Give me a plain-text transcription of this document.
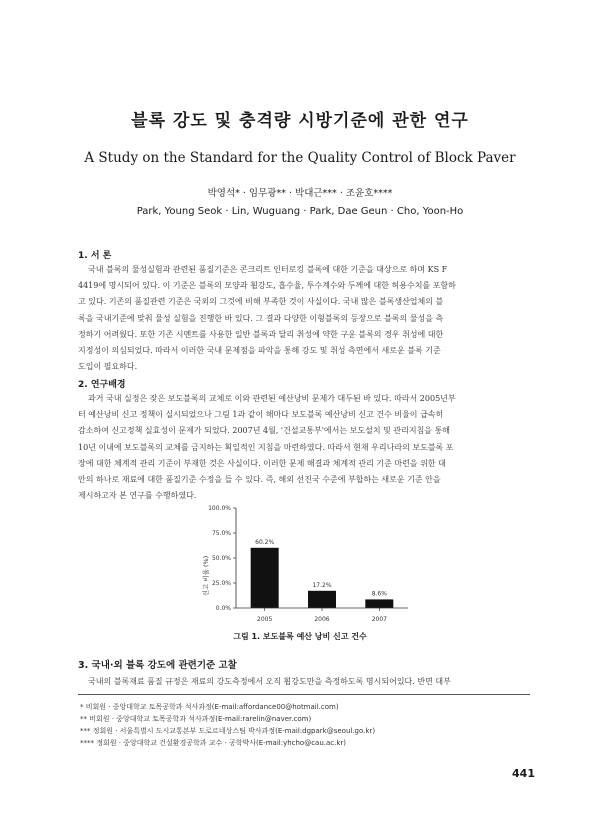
블록 강도 및 충격량 시방기준에 관한 연구
A Study on the Standard for the Quality Control of Block Paver
박영석* · 임무광** · 박대근*** · 조윤호****
Park, Young Seok · Lin, Wuguang · Park, Dae Geun · Cho, Yoon-Ho
1. 서 론
국내 블록의 물성실험과 관련된 품질기준은 콘크리트 인터로킹 블록에 대한 기준을 대상으로 하며 KS F
4419에 명시되어 있다. 이 기준은 블록의 모양과 휨강도, 흡수율, 투수계수와 두께에 대한 허용수치를 포함하
고 있다. 기존의 품질관련 기준은 국외의 그것에 비해 부족한 것이 사실이다. 국내 많은 블록생산업체의 블
록을 국내기준에 맞춰 물성 실험을 진행한 바 있다. 그 결과 다양한 이형블록의 등장으로 블록의 물성을 측
정하기 어려웠다. 또한 기존 시멘트를 사용한 일반 블록과 달리 취성에 약한 구운 블록의 경우 취성에 대한
지정성이 의심되었다. 따라서 이러한 국내 문제점을 파악을 통해 강도 및 취성 측면에서 새로운 블록 기준
도입이 필요하다.
2. 연구배경
과거 국내 실정은 잦은 보도블록의 교체로 이와 관련된 예산낭비 문제가 대두된 바 있다. 따라서 2005년부
터 예산낭비 신고 정책이 실시되었으나 그림 1과 같이 해마다 보도블록 예산낭비 신고 건수 비율이 급속히
감소하여 신고정책 실효성이 문제가 되었다. 2007년 4월, '건설교통부'에서는 보도설치 및 관리지침을 통해
10년 이내에 보도블록의 교체를 금지하는 획일적인 지침을 마련하였다. 따라서 현재 우리나라의 보도블록 포
장에 대한 체계적 관리 기준이 부재한 것은 사실이다. 이러한 문제 해결과 체계적 관리 기준 마련을 위한 대
안의 하나로 재료에 대한 품질기준 수정을 들 수 있다. 즉, 해외 선진국 수준에 부합하는 새로운 기준 안을
제시하고자 본 연구를 수행하였다.
신고 비율 (%)
0.0%
25.0%
50.0%
75.0%
100.0%
60.2%
17.2%
8.6%
2005	2006	2007
그림 1. 보도블록 예산 낭비 신고 건수
3. 국내·외 블록 강도에 관련기준 고찰
국내의 블록재료 품질 규정은 재료의 강도측정에서 오직 휨강도만을 측정하도록 명시되어있다. 반면 대부
* 비회원 · 중앙대학교 토목공학과 석사과정(E-mail:affordance00@hotmail.com)
** 비회원 · 중앙대학교 토목공학과 석사과정(E-mail:rarelin@naver.com)
*** 정회원 · 서울특별시 도시교통본부 도로르네상스팀 박사과정(E-mail:dgpark@seoul.go.kr)
**** 정회원 · 중앙대학교 건설환경공학과 교수 · 공학박사(E-mail:yhcho@cau.ac.kr)
441
